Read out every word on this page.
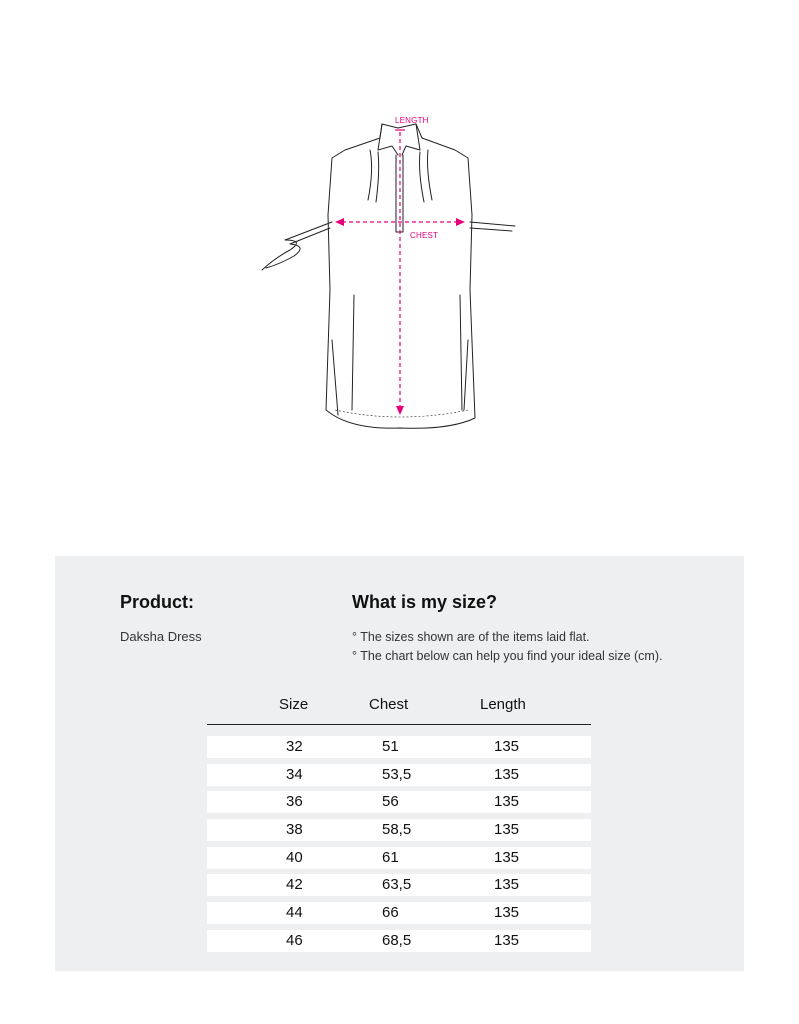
LENGTH
CHEST
Product:
Daksha Dress
What is my size?
° The sizes shown are of the items laid flat.
° The chart below can help you find your ideal size (cm).
Size	Chest	Length
32	51	135
34	53,5	135
36	56	135
38	58,5	135
40	61	135
42	63,5	135
44	66	135
46	68,5	135
